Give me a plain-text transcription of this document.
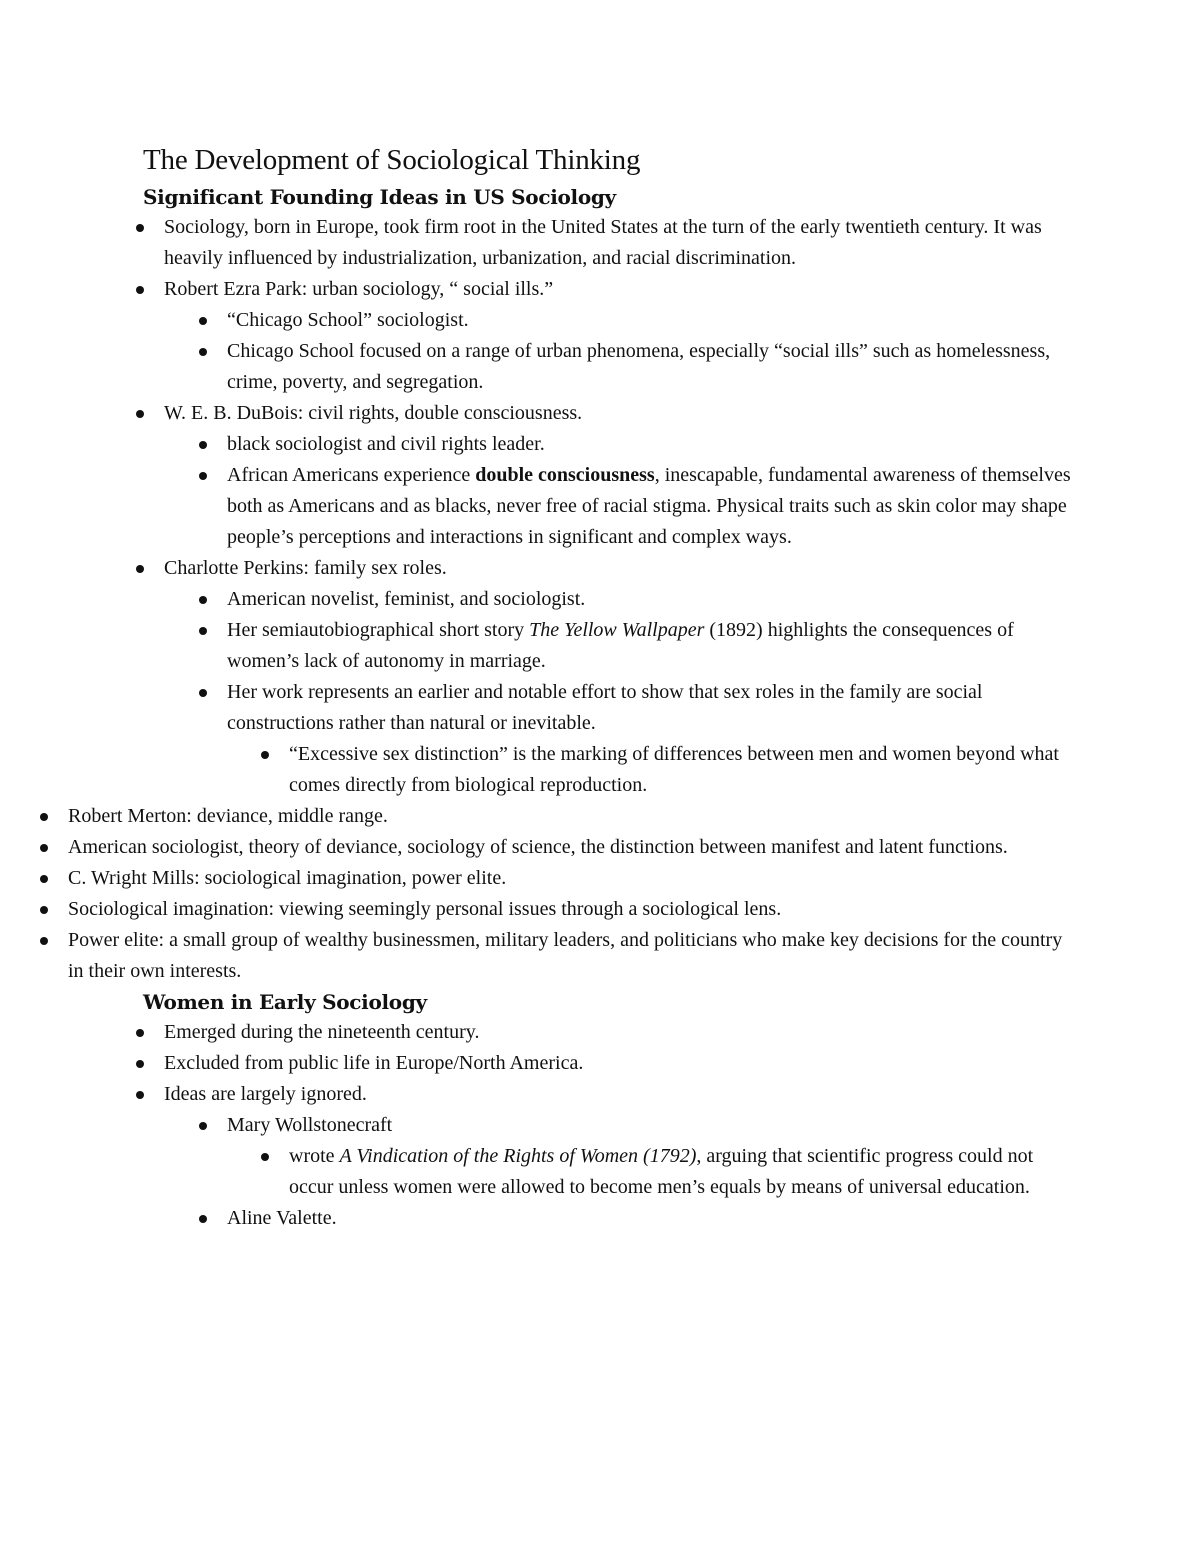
The Development of Sociological Thinking
Significant Founding Ideas in US Sociology
Sociology, born in Europe, took firm root in the United States at the turn of the early twentieth century. It was heavily influenced by industrialization, urbanization, and racial discrimination.
Robert Ezra Park: urban sociology, “ social ills.”
“Chicago School” sociologist.
Chicago School focused on a range of urban phenomena, especially “social ills” such as homelessness, crime, poverty, and segregation.
W. E. B. DuBois: civil rights, double consciousness.
black sociologist and civil rights leader.
African Americans experience double consciousness, inescapable, fundamental awareness of themselves both as Americans and as blacks, never free of racial stigma. Physical traits such as skin color may shape people’s perceptions and interactions in significant and complex ways.
Charlotte Perkins: family sex roles.
American novelist, feminist, and sociologist.
Her semiautobiographical short story The Yellow Wallpaper (1892) highlights the consequences of women’s lack of autonomy in marriage.
Her work represents an earlier and notable effort to show that sex roles in the family are social constructions rather than natural or inevitable.
“Excessive sex distinction” is the marking of differences between men and women beyond what comes directly from biological reproduction.
Robert Merton: deviance, middle range.
American sociologist, theory of deviance, sociology of science, the distinction between manifest and latent functions.
C. Wright Mills: sociological imagination, power elite.
Sociological imagination: viewing seemingly personal issues through a sociological lens.
Power elite: a small group of wealthy businessmen, military leaders, and politicians who make key decisions for the country in their own interests.
Women in Early Sociology
Emerged during the nineteenth century.
Excluded from public life in Europe/North America.
Ideas are largely ignored.
Mary Wollstonecraft
wrote A Vindication of the Rights of Women (1792), arguing that scientific progress could not occur unless women were allowed to become men’s equals by means of universal education.
Aline Valette.
